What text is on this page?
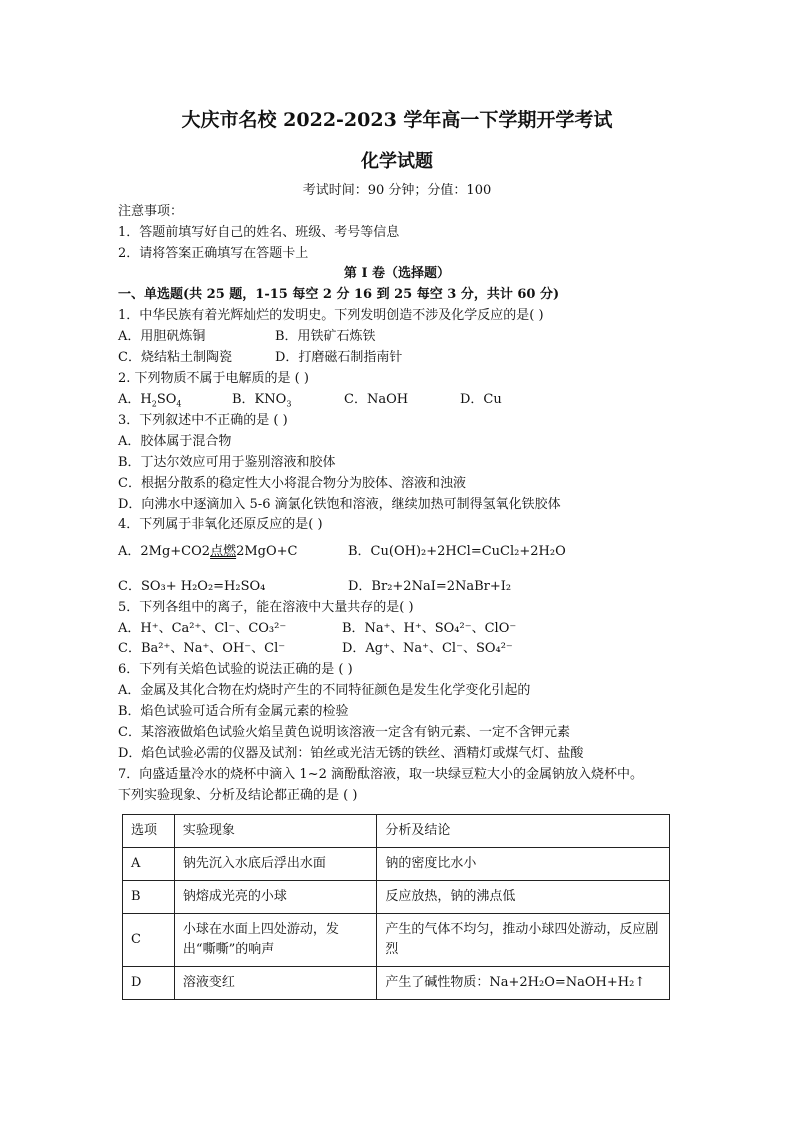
大庆市名校 2022-2023 学年高一下学期开学考试
化学试题
考试时间：90 分钟；分值：100
注意事项：
1．答题前填写好自己的姓名、班级、考号等信息
2．请将答案正确填写在答题卡上
第 I 卷（选择题）
一、单选题(共 25 题，1-15 每空 2 分 16 到 25 每空 3 分，共计 60 分)
1．中华民族有着光辉灿烂的发明史。下列发明创造不涉及化学反应的是( )
A．用胆矾炼铜	B．用铁矿石炼铁
C．烧结粘土制陶瓷	D．打磨磁石制指南针
2. 下列物质不属于电解质的是 ( )
A．$H_2SO_4$	B．$KNO_3$	C．NaOH	D．Cu
3．下列叙述中不正确的是 ( )
A．胶体属于混合物
B．丁达尔效应可用于鉴别溶液和胶体
C．根据分散系的稳定性大小将混合物分为胶体、溶液和浊液
D．向沸水中逐滴加入 5-6 滴氯化铁饱和溶液，继续加热可制得氢氧化铁胶体
4．下列属于非氧化还原反应的是( )
A．2Mg+CO2点燃2MgO+C	B．Cu(OH)₂+2HCl=CuCl₂+2H₂O
C．SO₃+ H₂O₂=H₂SO₄	D．Br₂+2NaI=2NaBr+I₂
5．下列各组中的离子，能在溶液中大量共存的是( )
A．H⁺、Ca²⁺、Cl⁻、CO₃²⁻	B．Na⁺、H⁺、SO₄²⁻、ClO⁻
C．Ba²⁺、Na⁺、OH⁻、Cl⁻	D．Ag⁺、Na⁺、Cl⁻、SO₄²⁻
6．下列有关焰色试验的说法正确的是 ( )
A．金属及其化合物在灼烧时产生的不同特征颜色是发生化学变化引起的
B．焰色试验可适合所有金属元素的检验
C．某溶液做焰色试验火焰呈黄色说明该溶液一定含有钠元素、一定不含钾元素
D．焰色试验必需的仪器及试剂：铂丝或光洁无锈的铁丝、酒精灯或煤气灯、盐酸
7．向盛适量冷水的烧杯中滴入 1~2 滴酚酞溶液，取一块绿豆粒大小的金属钠放入烧杯中。
下列实验现象、分析及结论都正确的是 ( )
选项	实验现象	分析及结论
A	钠先沉入水底后浮出水面	钠的密度比水小
B	钠熔成光亮的小球	反应放热，钠的沸点低
C	小球在水面上四处游动，发出“嘶嘶”的响声	产生的气体不均匀，推动小球四处游动，反应剧烈
D	溶液变红	产生了碱性物质：Na+2H₂O=NaOH+H₂↑
